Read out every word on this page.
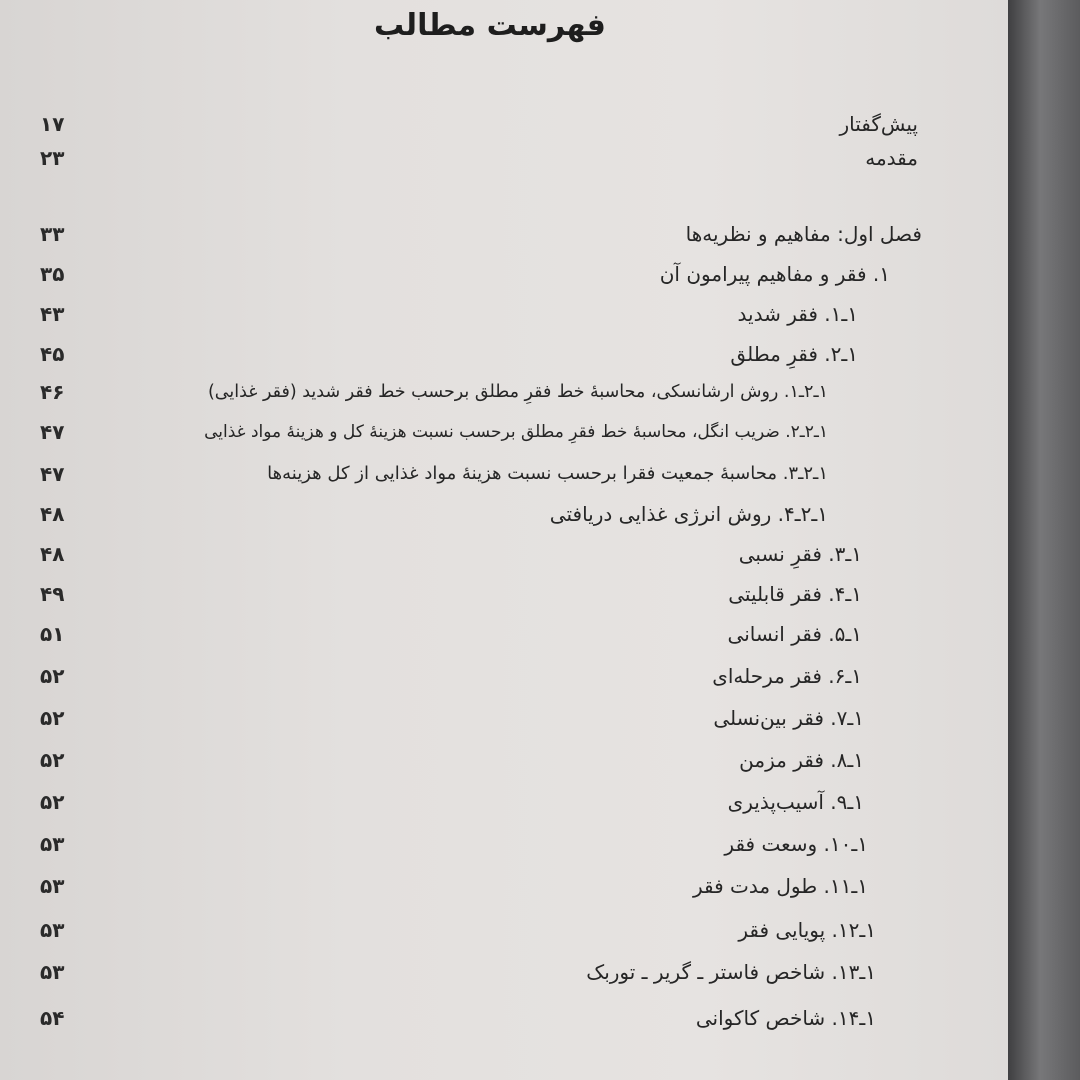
فهرست مطالب
پیش‌گفتار
۱۷
مقدمه
۲۳
فصل اول: مفاهیم و نظریه‌ها
۳۳
۱. فقر و مفاهیم پیرامون آن
۳۵
۱ـ۱. فقر شدید
۴۳
۱ـ۲. فقرِ مطلق
۴۵
۱ـ۲ـ۱. روش ارشانسکی، محاسبهٔ خط فقرِ مطلق برحسب خط فقر شدید (فقر غذایی)
۴۶
۱ـ۲ـ۲. ضریب انگل، محاسبهٔ خط فقرِ مطلق برحسب نسبت هزینهٔ کل و هزینهٔ مواد غذایی
۴۷
۱ـ۲ـ۳. محاسبهٔ جمعیت فقرا برحسب نسبت هزینهٔ مواد غذایی از کل هزینه‌ها
۴۷
۱ـ۲ـ۴. روش انرژی غذایی دریافتی
۴۸
۱ـ۳. فقرِ نسبی
۴۸
۱ـ۴. فقر قابلیتی
۴۹
۱ـ۵. فقر انسانی
۵۱
۱ـ۶. فقر مرحله‌ای
۵۲
۱ـ۷. فقر بین‌نسلی
۵۲
۱ـ۸. فقر مزمن
۵۲
۱ـ۹. آسیب‌پذیری
۵۲
۱ـ۱۰. وسعت فقر
۵۳
۱ـ۱۱. طول مدت فقر
۵۳
۱ـ۱۲. پویایی فقر
۵۳
۱ـ۱۳. شاخص فاستر ـ گریر ـ توربک
۵۳
۱ـ۱۴. شاخص کاکوانی
۵۴
